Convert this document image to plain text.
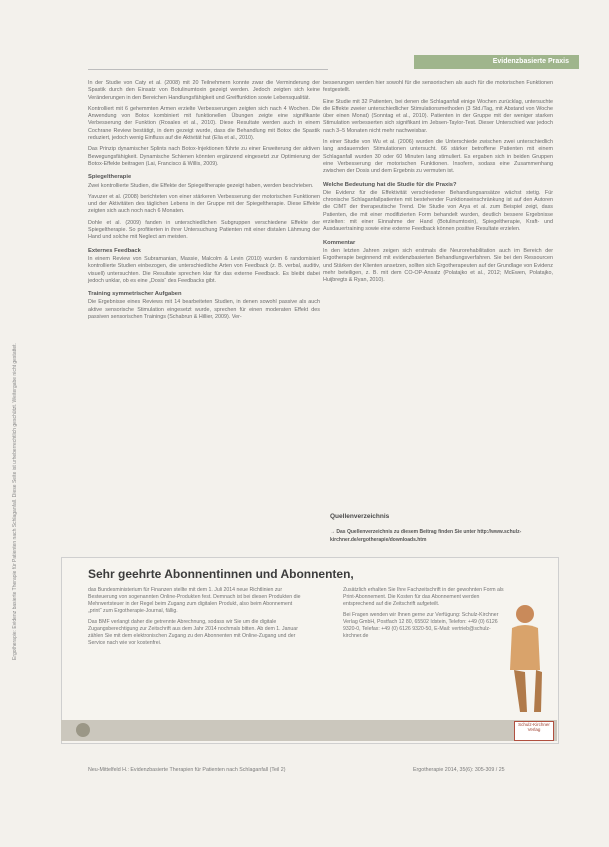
Evidenzbasierte Praxis
Ergotherapie: Evidenz basierte Therapie für Patienten nach Schlaganfall. Diese Seite ist urheberrechtlich geschützt. Weitergabe nicht gestattet.

In der Studie von Caty et al. (2008) mit 20 Teilnehmern konnte zwar die Verminderung der Spastik durch den Einsatz von Botulinumtoxin gezeigt werden. Jedoch zeigten sich keine Veränderungen in den Bereichen Handlungsfähigkeit und Greiffunktion sowie Lebensqualität.

Kontrolliert mit 6 gehemmten Armen erzielte Verbesserungen zeigten sich nach 4 Wochen. Die Anwendung von Botox kombiniert mit funktionellen Übungen zeigte eine signifikante Verbesserung der Funktion (Rosales et al., 2010). Diese Resultate werden auch in einem Cochrane Review bestätigt, in dem gezeigt wurde, dass die Behandlung mit Botox die Spastik reduziert, jedoch wenig Einfluss auf die Aktivität hat (Elia et al., 2010).

Das Prinzip dynamischer Splints nach Botox-Injektionen führte zu einer Erweiterung der aktiven Bewegungsfähigkeit. Dynamische Schienen könnten ergänzend eingesetzt zur Optimierung der Botox-Effekte beitragen (Lai, Francisco & Willis, 2009).

Spiegeltherapie

Zwei kontrollierte Studien, die Effekte der Spiegeltherapie gezeigt haben, werden beschrieben.

Yavuzer et al. (2008) berichteten von einer stärkeren Verbesserung der motorischen Funktionen und der Aktivitäten des täglichen Lebens in der Gruppe mit der Spiegeltherapie. Diese Effekte zeigten sich auch noch nach 6 Monaten.

Dohle et al. (2009) fanden in unterschiedlichen Subgruppen verschiedene Effekte der Spiegeltherapie. So profitierten in ihrer Untersuchung Patienten mit einer distalen Lähmung der Hand und solche mit Neglect am meisten.

Externes Feedback

In einem Review von Subramanian, Massie, Malcolm & Levin (2010) wurden 6 randomisiert kontrollierte Studien einbezogen, die unterschiedliche Arten von Feedback (z. B. verbal, auditiv, visuell) untersuchten. Die Resultate sprechen klar für das externe Feedback. Es bleibt dabei jedoch unklar, ob es eine „Dosis“ des Feedbacks gibt.

Training symmetrischer Aufgaben

Die Ergebnisse eines Reviews mit 14 bearbeiteten Studien, in denen sowohl passive als auch aktive sensorische Stimulation eingesetzt wurde, sprechen für einen moderaten Effekt des passiven sensorischen Trainings (Schabrun & Hillier, 2009). Ver-

besserungen werden hier sowohl für die sensorischen als auch für die motorischen Funktionen festgestellt.

Eine Studie mit 32 Patienten, bei denen die Schlaganfall einige Wochen zurücklag, untersuchte die Effekte zweier unterschiedlicher Stimulationsmethoden (3 Std./Tag, mit Abstand von Woche über einen Monat) (Sonntag et al., 2010). Patienten in der Gruppe mit der weniger starken Stimulation verbesserten sich signifikant im Jebsen-Taylor-Test. Dieser Unterschied war jedoch nach 3–5 Monaten nicht mehr nachweisbar.

In einer Studie von Wu et al. (2006) wurden die Unterschiede zwischen zwei unterschiedlich lang andauernden Stimulationen untersucht. 66 stärker betroffene Patienten mit einem Schlaganfall wurden 30 oder 60 Minuten lang stimuliert. Es ergaben sich in beiden Gruppen eine Verbesserung der motorischen Funktionen. Insofern, sodass eine Zusammenhang zwischen der Dosis und dem Ergebnis zu vermuten ist.

Welche Bedeutung hat die Studie für die Praxis?

Die Evidenz für die Effektivität verschiedener Behandlungsansätze wächst stetig. Für chronische Schlaganfallpatienten mit bestehender Funktionseinschränkung ist auf den Autoren die CIMT der therapeutische Trend. Die Studie von Arya et al. zum Beispiel zeigt, dass Patienten, die mit einer modifizierten Form behandelt wurden, deutlich bessere Ergebnisse erzielten: mit einer Einnahme der Hand (Botulinumtoxin), Spiegeltherapie, Kraft- und Ausdauertraining sowie eine externe Feedback können positive Resultate erzielen.

Kommentar

In den letzten Jahren zeigen sich erstmals die Neurorehabilitation auch im Bereich der Ergotherapie beginnend mit evidenzbasierten Behandlungsverfahren. Sie bei den Ressourcen und Stärken der Klienten ansetzen, sollten sich Ergotherapeuten auf der Grundlage von Evidenz mehr beteiligen, z. B. mit dem CO-OP-Ansatz (Polatajko et al., 2012; McEwen, Polatajko, Huijbregts & Ryan, 2010).

Quellenverzeichnis
→ Das Quellenverzeichnis zu diesem Beitrag finden Sie unter http://www.schulz-kirchner.de/ergotherapie/downloads.htm
Sehr geehrte Abonnentinnen und Abonnenten,

das Bundesministerium für Finanzen stellte mit dem 1. Juli 2014 neue Richtlinien zur Besteuerung von sogenannten Online-Produkten fest. Demnach ist bei diesen Produkten die Mehrwertsteuer in der Regel beim Zugang zum digitalen Produkt, also beim Abonnement „print“ zum Ergotherapie-Journal, fällig.

Das BMF verlangt daher die getrennte Abrechnung, sodass wir Sie um die digitale Zugangsberechtigung zur Zeitschrift aus dem Jahr 2014 nochmals bitten. Ab dem 1. Januar zählen Sie mit dem elektronischen Zugang zu den Abonnenten mit Online-Zugang und der Service nach wie vor kostenfrei.

Zusätzlich erhalten Sie Ihre Fachzeitschrift in der gewohnten Form als Print-Abonnement. Die Kosten für das Abonnement werden entsprechend auf die Zeitschrift aufgeteilt.

Bei Fragen wenden wir Ihnen gerne zur Verfügung: Schulz-Kirchner Verlag GmbH, Postfach 12 80, 65502 Idstein, Telefon: +49 (0) 6126 9320-0, Telefax: +49 (0) 6126 9320-50, E-Mail: vertrieb@schulz-kirchner.de

Schulz-Kirchner Verlag
Neu-Mittelfeld H.: Evidenzbasierte Therapien für Patienten nach Schlaganfall (Teil 2)	Ergotherapie 2014, 35(6): 305-309 / 25
